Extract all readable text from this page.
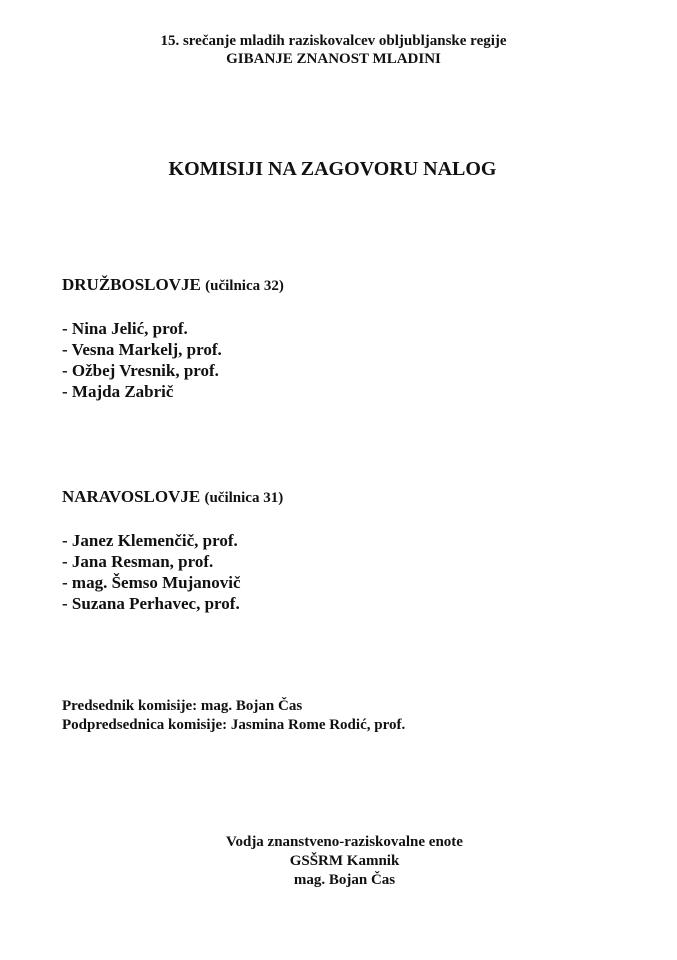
15. srečanje mladih raziskovalcev obljubljanske regije
GIBANJE ZNANOST MLADINI
KOMISIJI NA ZAGOVORU NALOG
DRUŽBOSLOVJE (učilnica 32)
- Nina Jelić, prof.
- Vesna Markelj, prof.
- Ožbej Vresnik, prof.
- Majda Zabrič
NARAVOSLOVJE (učilnica 31)
- Janez Klemenčič, prof.
- Jana Resman, prof.
- mag. Šemso Mujanovič
- Suzana Perhavec, prof.
Predsednik komisije: mag. Bojan Čas
Podpredsednica komisije: Jasmina Rome Rodić, prof.
Vodja znanstveno-raziskovalne enote
GSŠRM Kamnik
mag. Bojan Čas
